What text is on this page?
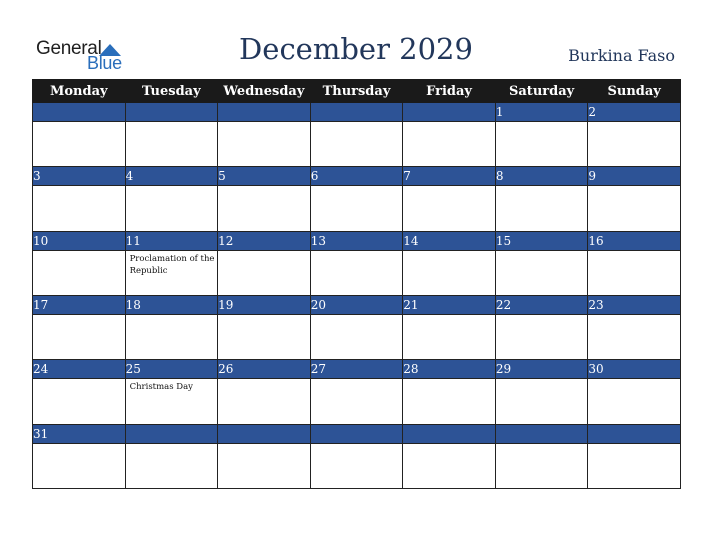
General
Blue	December 2029	Burkina Faso
Monday	Tuesday	Wednesday	Thursday	Friday	Saturday	Sunday
					1	2

3	4	5	6	7	8	9

10	11	12	13	14	15	16

	Proclamation of the Republic					

17	18	19	20	21	22	23

24	25	26	27	28	29	30

	Christmas Day					

31						
